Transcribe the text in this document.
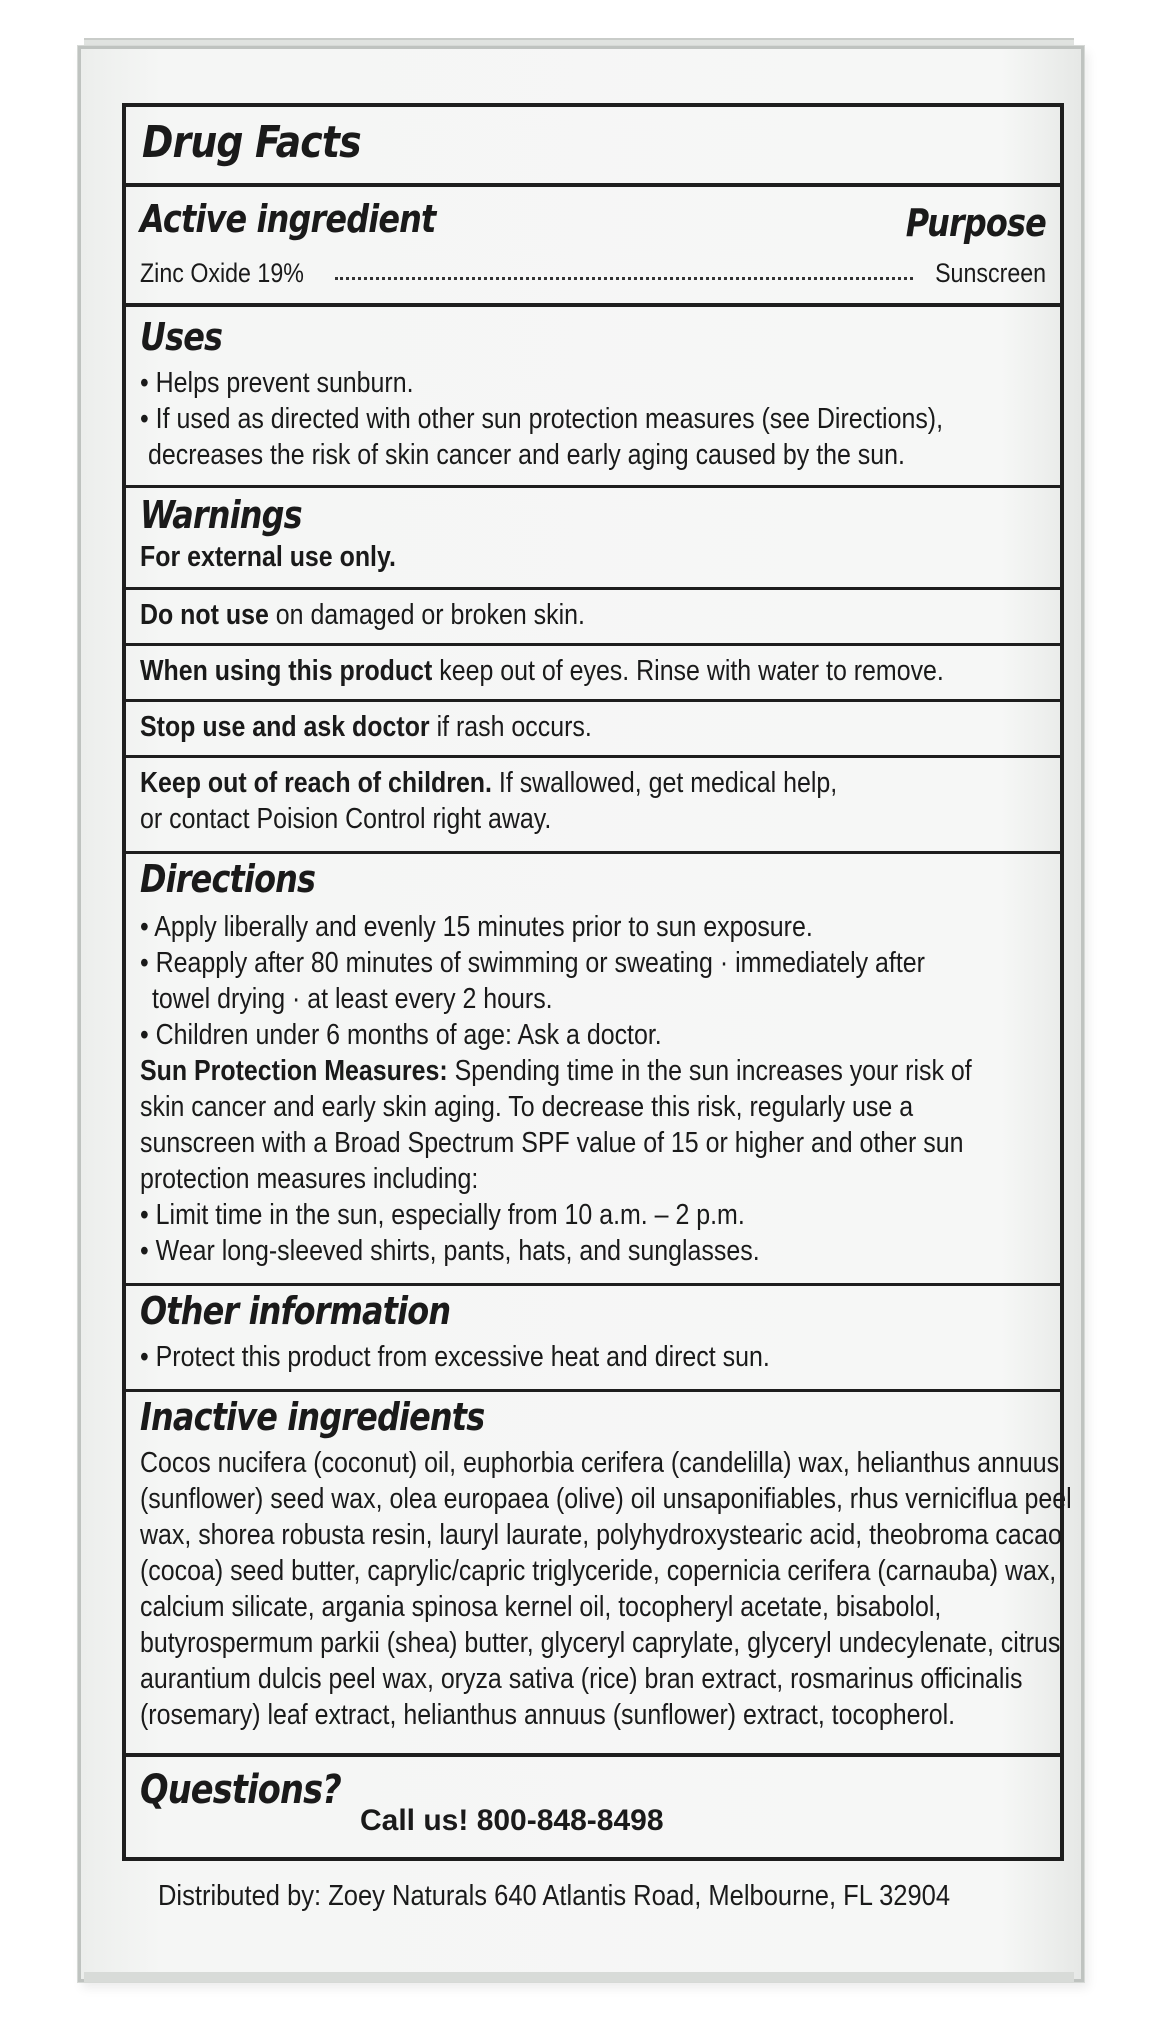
Drug Facts
Active ingredient	Purpose
Zinc Oxide 19%	Sunscreen
Uses
• Helps prevent sunburn.
• If used as directed with other sun protection measures (see Directions),
decreases the risk of skin cancer and early aging caused by the sun.
Warnings
For external use only.
Do not use on damaged or broken skin.
When using this product keep out of eyes. Rinse with water to remove.
Stop use and ask doctor if rash occurs.
Keep out of reach of children. If swallowed, get medical help,
or contact Poision Control right away.
Directions
• Apply liberally and evenly 15 minutes prior to sun exposure.
• Reapply after 80 minutes of swimming or sweating · immediately after
towel drying · at least every 2 hours.
• Children under 6 months of age: Ask a doctor.
Sun Protection Measures: Spending time in the sun increases your risk of
skin cancer and early skin aging. To decrease this risk, regularly use a
sunscreen with a Broad Spectrum SPF value of 15 or higher and other sun
protection measures including:
• Limit time in the sun, especially from 10 a.m. – 2 p.m.
• Wear long-sleeved shirts, pants, hats, and sunglasses.
Other information
• Protect this product from excessive heat and direct sun.
Inactive ingredients
Cocos nucifera (coconut) oil, euphorbia cerifera (candelilla) wax, helianthus annuus
(sunflower) seed wax, olea europaea (olive) oil unsaponifiables, rhus verniciflua peel
wax, shorea robusta resin, lauryl laurate, polyhydroxystearic acid, theobroma cacao
(cocoa) seed butter, caprylic/capric triglyceride, copernicia cerifera (carnauba) wax,
calcium silicate, argania spinosa kernel oil, tocopheryl acetate, bisabolol,
butyrospermum parkii (shea) butter, glyceryl caprylate, glyceryl undecylenate, citrus
aurantium dulcis peel wax, oryza sativa (rice) bran extract, rosmarinus officinalis
(rosemary) leaf extract, helianthus annuus (sunflower) extract, tocopherol.
Questions?
Call us! 800-848-8498
Distributed by: Zoey Naturals 640 Atlantis Road, Melbourne, FL 32904
